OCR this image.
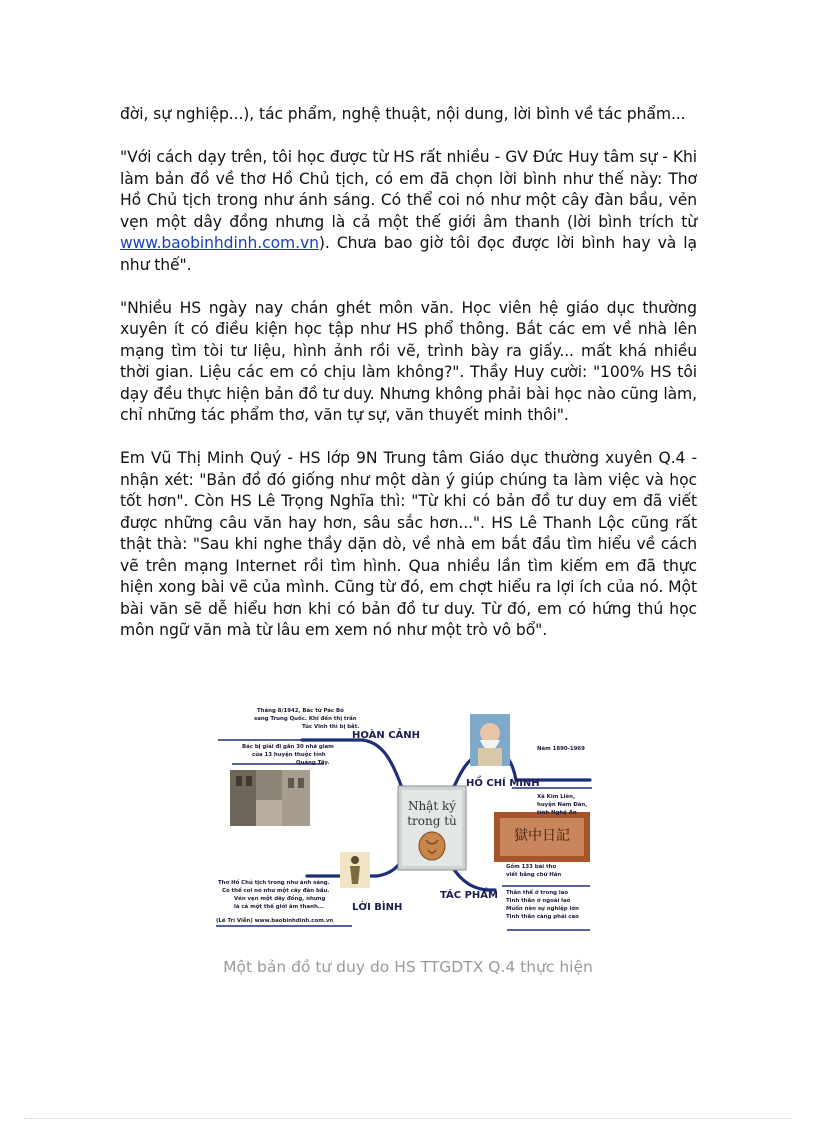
đời, sự nghiệp...), tác phẩm, nghệ thuật, nội dung, lời bình về tác phẩm...

"Với cách dạy trên, tôi học được từ HS rất nhiều - GV Đức Huy tâm sự - Khi làm bản đồ về thơ Hồ Chủ tịch, có em đã chọn lời bình như thế này: Thơ Hồ Chủ tịch trong như ánh sáng. Có thể coi nó như một cây đàn bầu, vẻn vẹn một dây đồng nhưng là cả một thế giới âm thanh (lời bình trích từ www.baobinhdinh.com.vn). Chưa bao giờ tôi đọc được lời bình hay và lạ như thế".

"Nhiều HS ngày nay chán ghét môn văn. Học viên hệ giáo dục thường xuyên ít có điều kiện học tập như HS phổ thông. Bắt các em về nhà lên mạng tìm tòi tư liệu, hình ảnh rồi vẽ, trình bày ra giấy... mất khá nhiều thời gian. Liệu các em có chịu làm không?". Thầy Huy cười: "100% HS tôi dạy đều thực hiện bản đồ tư duy. Nhưng không phải bài học nào cũng làm, chỉ những tác phẩm thơ, văn tự sự, văn thuyết minh thôi".

Em Vũ Thị Minh Quý - HS lớp 9N Trung tâm Giáo dục thường xuyên Q.4 - nhận xét: "Bản đồ đó giống như một dàn ý giúp chúng ta làm việc và học tốt hơn". Còn HS Lê Trọng Nghĩa thì: "Từ khi có bản đồ tư duy em đã viết được những câu văn hay hơn, sâu sắc hơn...". HS Lê Thanh Lộc cũng rất thật thà: "Sau khi nghe thầy dặn dò, về nhà em bắt đầu tìm hiểu về cách vẽ trên mạng Internet rồi tìm hình. Qua nhiều lần tìm kiếm em đã thực hiện xong bài vẽ của mình. Cũng từ đó, em chợt hiểu ra lợi ích của nó. Một bài văn sẽ dễ hiểu hơn khi có bản đồ tư duy. Từ đó, em có hứng thú học môn ngữ văn mà từ lâu em xem nó như một trò vô bổ".

Nhật ký
trong tù
獄中日記
HOÀN CẢNH
HỒ CHÍ MINH
LỜI BÌNH
TÁC PHẨM
Tháng 8/1942, Bác từ Pác Bó
sang Trung Quốc. Khi đến thị trấn
Túc Vinh thì bị bắt.
Bác bị giải đi gần 30 nhà giam
của 13 huyện thuộc tỉnh
Quảng Tây.
Năm 1890-1969
Xã Kim Liên,
huyện Nam Đàn,
tỉnh Nghệ An
Gồm 133 bài thơ
viết bằng chữ Hán
Thân thể ở trong lao
Tinh thần ở ngoài lao
Muốn nên sự nghiệp lớn
Tinh thần càng phải cao
Thơ Hồ Chủ tịch trong như ánh sáng.
Có thể coi nó như một cây đàn bầu.
Vẻn vẹn một dây đồng, nhưng
là cả một thế giới âm thanh...
(Lê Trí Viễn) www.baobinhdinh.com.vn
Một bản đồ tư duy do HS TTGDTX Q.4 thực hiện
